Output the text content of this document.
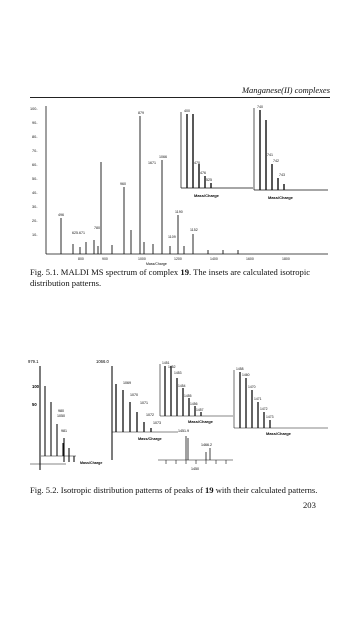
Manganese(II) complexes
100-
90-
80-
70-
60-
50-
40-
30-
20-
10-
800	900	1000	1200	1400	1600	1800
Mass/Charge
496
625.671
780
879
960
1066
1190
1109
1671
1152
400
470
476
525
Mass/Charge
740
741
742
743
Mass/Charge
Fig. 5.1. MALDI MS spectrum of complex 19. The insets are calculated isotropic distribution patterns.
979.1	1066.0
100
50
980
1050
981
Mass/Charge
1069
1070
1071
1072
1073
Mass/Charge
1451
1452
1453
1454
1455
1456
1457
Mass/Charge
1458
1460
1470
1471
1472
1473
Mass/Charge
1451.9
1466.2
1450
Fig. 5.2. Isotropic distribution patterns of peaks of 19 with their calculated patterns.
203
